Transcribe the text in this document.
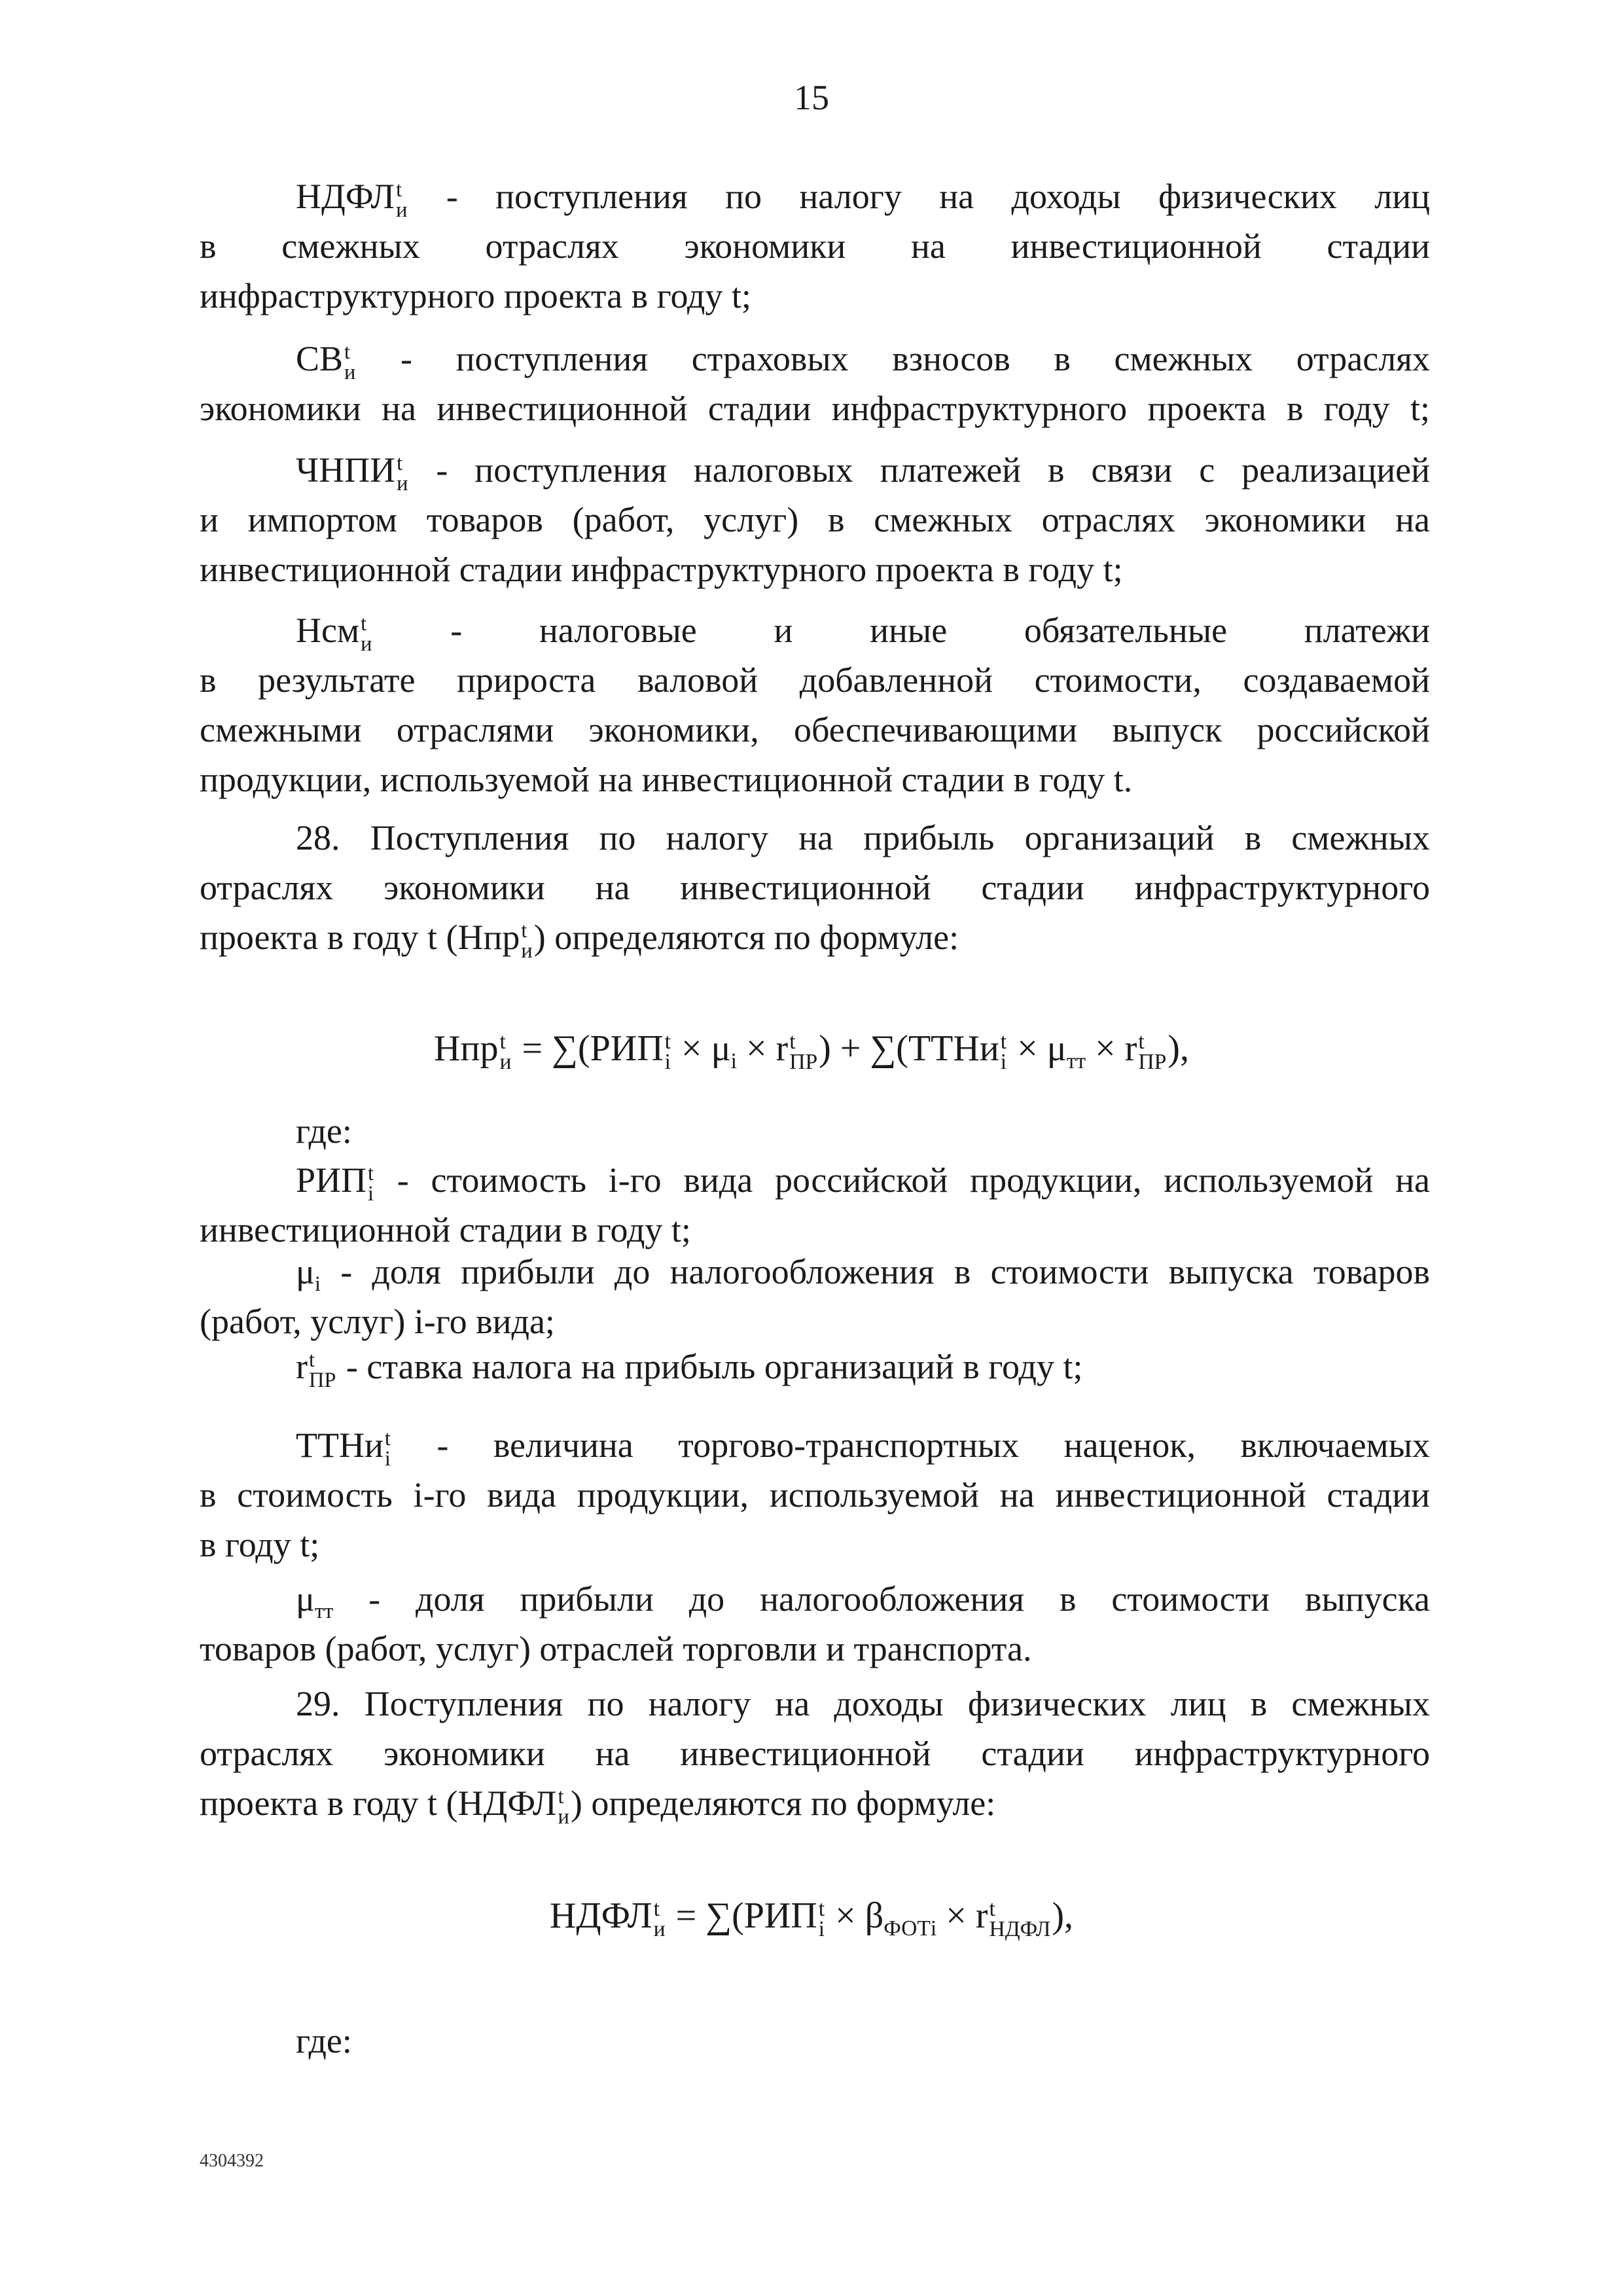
15
НДФЛ t
и - поступления по налогу на доходы физических лиц
в смежных отраслях экономики на инвестиционной стадии
инфраструктурного проекта в году t;
СВ t
и - поступления страховых взносов в смежных отраслях
экономики на инвестиционной стадии инфраструктурного проекта в году t;
ЧНПИ t
и - поступления налоговых платежей в связи с реализацией
и импортом товаров (работ, услуг) в смежных отраслях экономики на
инвестиционной стадии инфраструктурного проекта в году t;
Нсм t
и - налоговые и иные обязательные платежи
в результате прироста валовой добавленной стоимости, создаваемой
смежными отраслями экономики, обеспечивающими выпуск российской
продукции, используемой на инвестиционной стадии в году t.
28. Поступления по налогу на прибыль организаций в смежных
отраслях экономики на инвестиционной стадии инфраструктурного
проекта в году t (Нпр t
и ) определяются по формуле:
Нпр t
и = ∑(РИП t
$i \times \mu_i \times r$ t
ПР ) + ∑(ТТНи t
$i \times \mu_{тт} \times r$ t
ПР ),
где:
РИП t
i - стоимость i-го вида российской продукции, используемой на
инвестиционной стадии в году t;
$\mu_i$ - доля прибыли до налогообложения в стоимости выпуска товаров
(работ, услуг) i-го вида;
r t
ПР - ставка налога на прибыль организаций в году t;
ТТНи t
i - величина торгово-транспортных наценок, включаемых
в стоимость i-го вида продукции, используемой на инвестиционной стадии
в году t;
$\mu_{тт}$ - доля прибыли до налогообложения в стоимости выпуска
товаров (работ, услуг) отраслей торговли и транспорта.
29. Поступления по налогу на доходы физических лиц в смежных
отраслях экономики на инвестиционной стадии инфраструктурного
проекта в году t (НДФЛ t
и ) определяются по формуле:
НДФЛ t
и = ∑(РИП t
$i \times \beta_{ФОТi} \times r$ t
НДФЛ ),
где:
4304392
